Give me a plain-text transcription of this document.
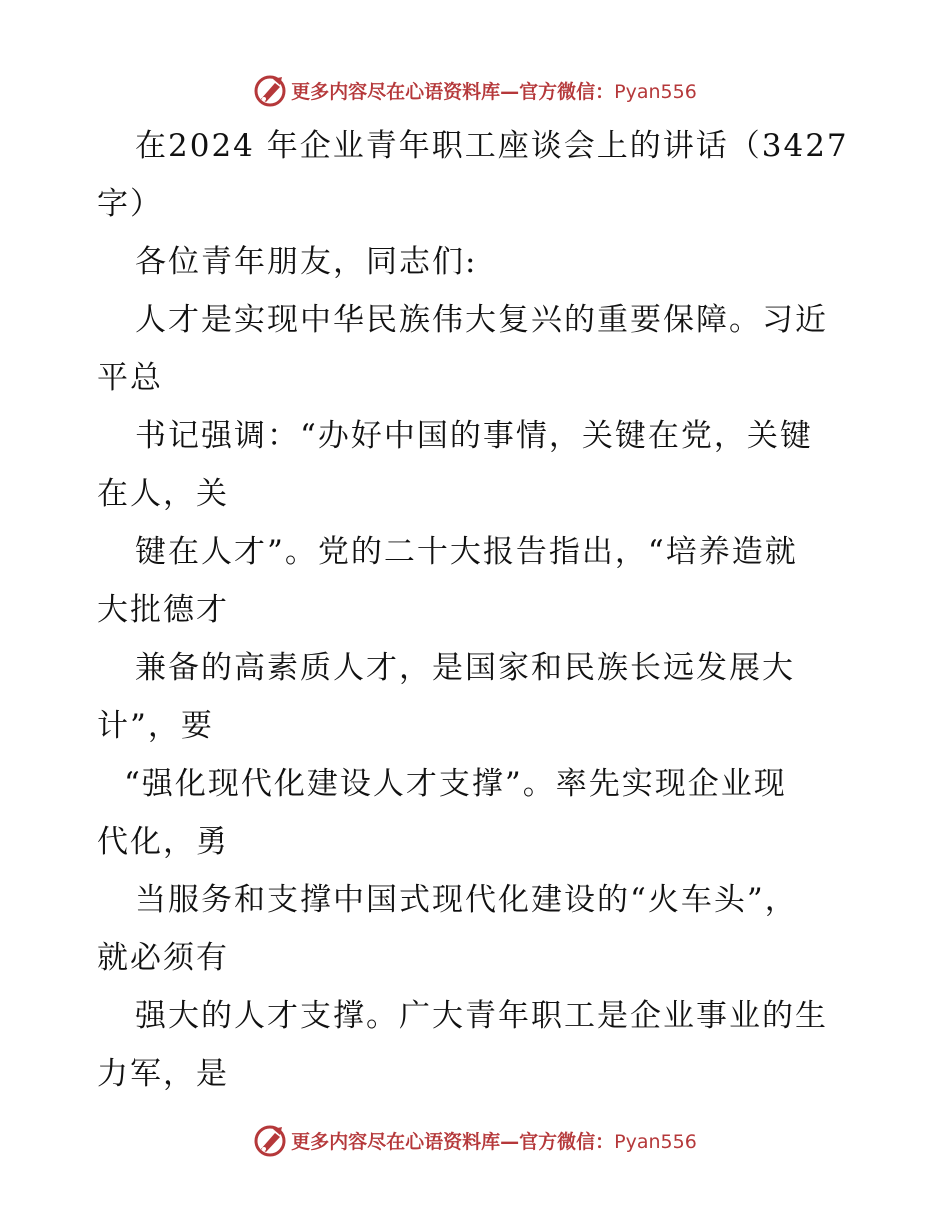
更多内容尽在心语资料库—官方微信：Pyan556
在2024 年企业青年职工座谈会上的讲话（3427
字）
各位青年朋友，同志们:
人才是实现中华民族伟大复兴的重要保障。习近
平总
书记强调：“办好中国的事情，关键在党，关键
在人，关
键在人才”。党的二十大报告指出，“培养造就
大批德才
兼备的高素质人才，是国家和民族长远发展大
计”，要
“强化现代化建设人才支撑”。率先实现企业现
代化，勇
当服务和支撑中国式现代化建设的“火车头”，
就必须有
强大的人才支撑。广大青年职工是企业事业的生
力军，是
更多内容尽在心语资料库—官方微信：Pyan556
